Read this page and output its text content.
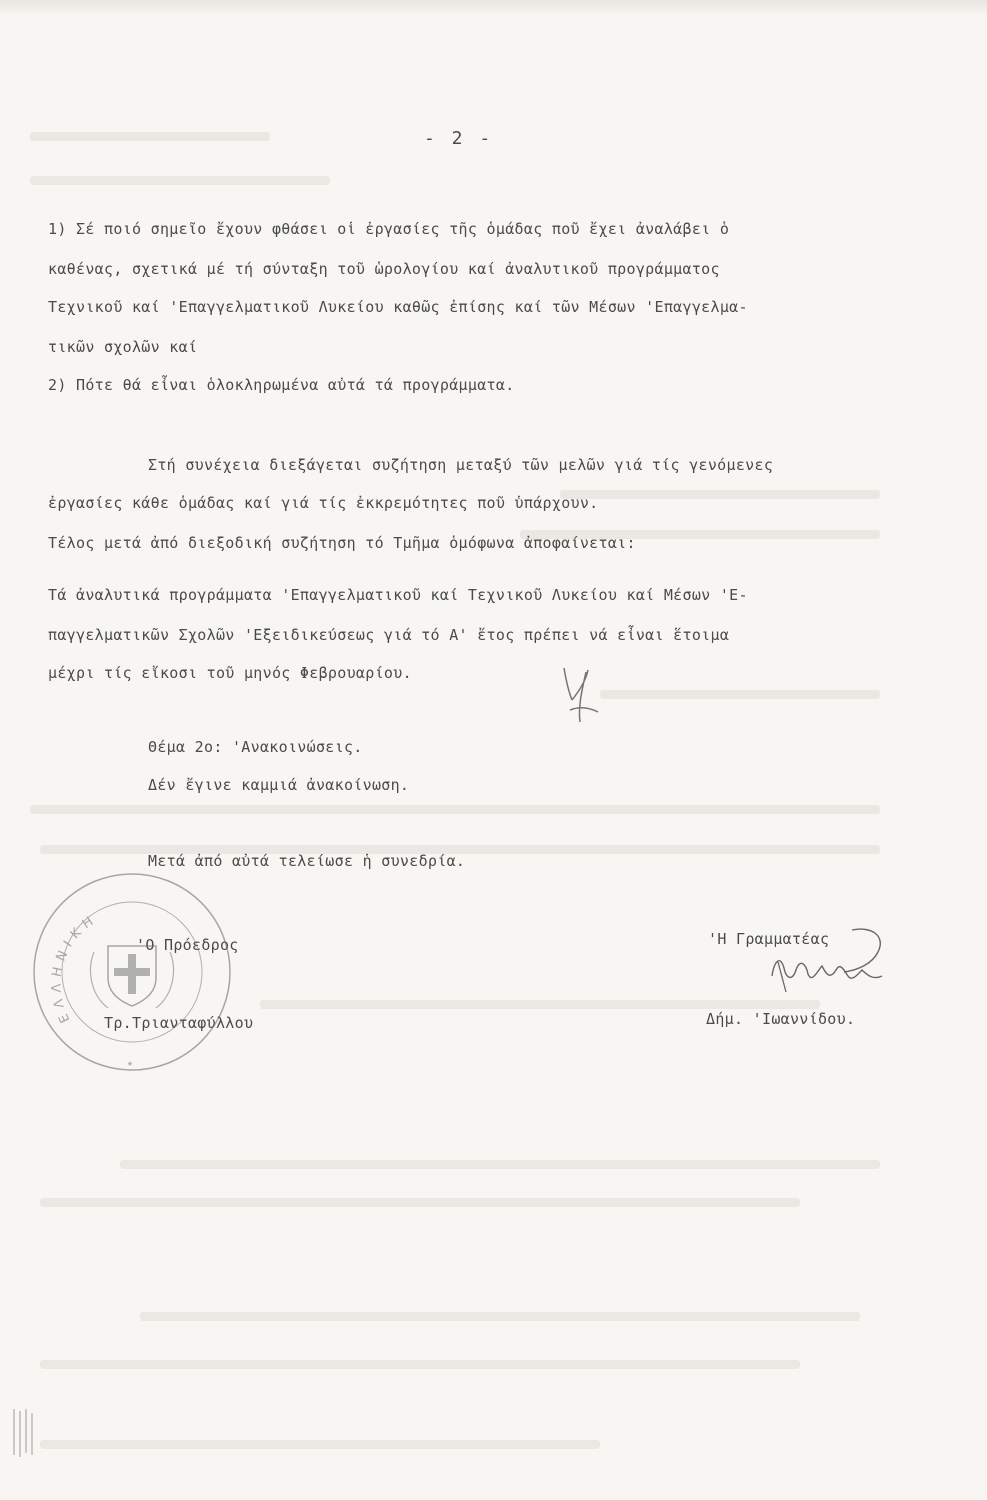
- 2 -
1) Σέ ποιό σημεῖο ἔχουν φθάσει οἱ ἐργασίες τῆς ὁμάδας ποῦ ἔχει ἀναλάβει ὁ
καθένας, σχετικά μέ τή σύνταξη τοῦ ὡρολογίου καί ἀναλυτικοῦ προγράμματος
Τεχνικοῦ καί 'Επαγγελματικοῦ Λυκείου καθῶς ἐπίσης καί τῶν Μέσων 'Επαγγελμα-
τικῶν σχολῶν καί
2) Πότε θά εἶναι ὁλοκληρωμένα αὐτά τά προγράμματα.
Στή συνέχεια διεξάγεται συζήτηση μεταξύ τῶν μελῶν γιά τίς γενόμενες
ἐργασίες κάθε ὁμάδας καί γιά τίς ἐκκρεμότητες ποῦ ὑπάρχουν.
Τέλος μετά ἀπό διεξοδική συζήτηση τό Τμῆμα ὁμόφωνα ἀποφαίνεται:
Τά ἀναλυτικά προγράμματα 'Επαγγελματικοῦ καί Τεχνικοῦ Λυκείου καί Μέσων 'Ε-
παγγελματικῶν Σχολῶν 'Εξειδικεύσεως γιά τό Α' ἔτος πρέπει νά εἶναι ἕτοιμα
μέχρι τίς εἴκοσι τοῦ μηνός Φεβρουαρίου.
Θέμα 2ο: 'Ανακοινώσεις.
Δέν ἔγινε καμμιά ἀνακοίνωση.
Μετά ἀπό αὐτά τελείωσε ἡ συνεδρία.
'Ο Πρόεδρος
Τρ.Τριανταφύλλου
'Η Γραμματέας
Δήμ. 'Ιωαννίδου.
ΕΛΛΗΝΙΚΗ
★
